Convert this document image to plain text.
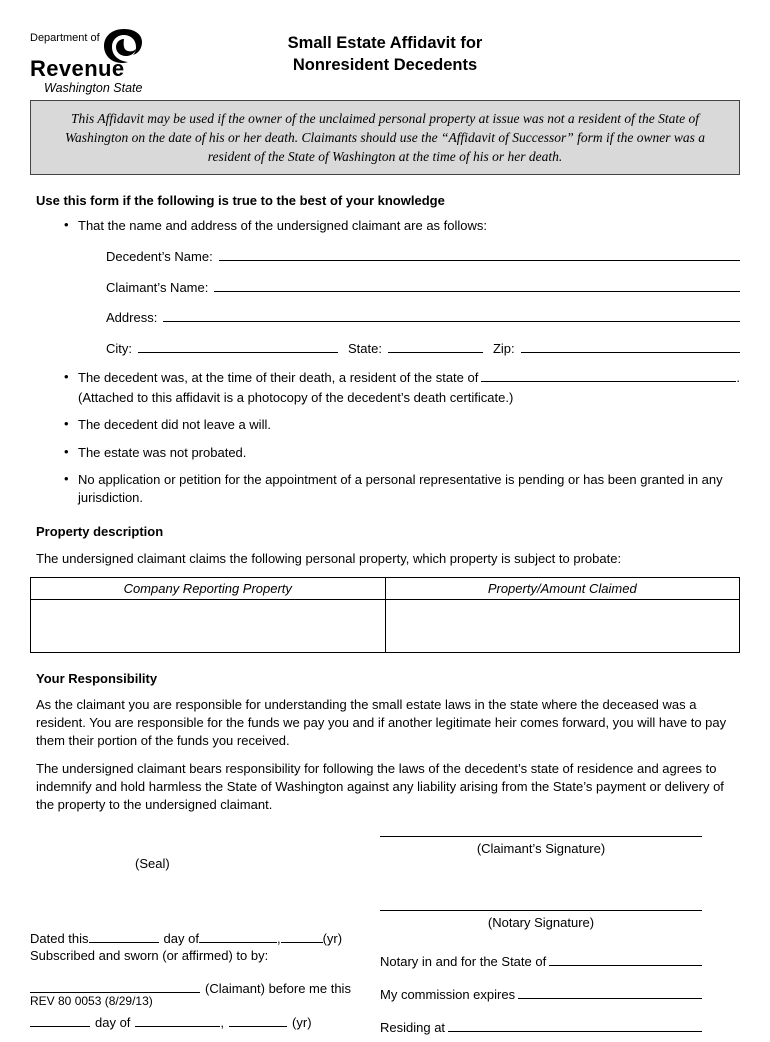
Department of
Revenue
Washington State
Small Estate Affidavit for
Nonresident Decedents
This Affidavit may be used if the owner of the unclaimed personal property at issue was not a resident of the State of Washington on the date of his or her death. Claimants should use the “Affidavit of Successor” form if the owner was a resident of the State of Washington at the time of his or her death.
Use this form if the following is true to the best of your knowledge
• That the name and address of the undersigned claimant are as follows:
Decedent’s Name:
Claimant’s Name:
Address:
City:	State:	Zip:
• The decedent was, at the time of their death, a resident of the state of	.
(Attached to this affidavit is a photocopy of the decedent’s death certificate.)
• The decedent did not leave a will.
• The estate was not probated.
• No application or petition for the appointment of a personal representative is pending or has been granted in any jurisdiction.
Property description

The undersigned claimant claims the following personal property, which property is subject to probate:

Company Reporting Property	Property/Amount Claimed

Your Responsibility

As the claimant you are responsible for understanding the small estate laws in the state where the deceased was a resident. You are responsible for the funds we pay you and if another legitimate heir comes forward, you will have to pay them their portion of the funds you received.

The undersigned claimant bears responsibility for following the laws of the decedent’s state of residence and agrees to indemnify and hold harmless the State of Washington against any liability arising from the State’s payment or delivery of the property to the undersigned claimant.

(Claimant’s Signature)
(Seal)
(Notary Signature)
Dated this	day of	,	(yr)
Subscribed and sworn (or affirmed) to by:
(Claimant) before me this
day of	,	(yr)
Notary in and for the State of
My commission expires
Residing at
REV 80 0053 (8/29/13)
